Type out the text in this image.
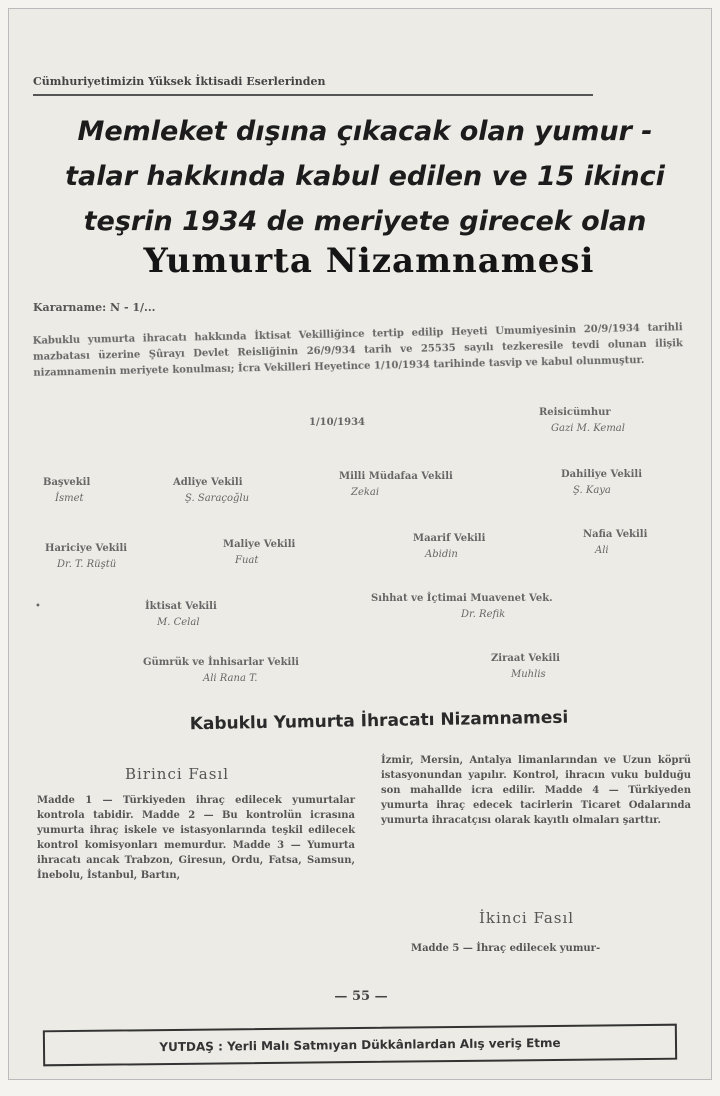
Cümhuriyetimizin Yüksek İktisadi Eserlerinden
Memleket dışına çıkacak olan yumur -
talar hakkında kabul edilen ve 15 ikinci
teşrin 1934 de meriyete girecek olan
Yumurta Nizamnamesi
Kararname: N - 1/...
Kabuklu yumurta ihracatı hakkında İktisat Vekilliğince tertip edilip Heyeti Umumiyesinin 20/9/1934 tarihli mazbatası üzerine Şûrayı Devlet Reisliğinin 26/9/934 tarih ve 25535 sayılı tezkeresile tevdi olunan ilişik nizamnamenin meriyete konulması; İcra Vekilleri Heyetince 1/10/1934 tarihinde tasvip ve kabul olunmuştur.
1/10/1934
Reisicümhur
Gazi M. Kemal
Başvekil
İsmet
Adliye Vekili
Ş. Saraçoğlu
Milli Müdafaa Vekili
Zekai
Dahiliye Vekili
Ş. Kaya
Hariciye Vekili
Dr. T. Rüştü
Maliye Vekili
Fuat
Maarif Vekili
Abidin
Nafia Vekili
Ali
•	İktisat Vekili
M. Celal
Sıhhat ve İçtimai Muavenet Vek.
Dr. Refik
Gümrük ve İnhisarlar Vekili
Ali Rana T.
Ziraat Vekili
Muhlis
Kabuklu Yumurta İhracatı Nizamnamesi
Birinci Fasıl
Madde 1 — Türkiyeden ihraç edilecek yumurtalar kontrola tabidir. Madde 2 — Bu kontrolün icrasına yumurta ihraç iskele ve istasyonlarında teşkil edilecek kontrol komisyonları memurdur. Madde 3 — Yumurta ihracatı ancak Trabzon, Giresun, Ordu, Fatsa, Samsun, İnebolu, İstanbul, Bartın,
İzmir, Mersin, Antalya limanlarından ve Uzun köprü istasyonundan yapılır. Kontrol, ihracın vuku bulduğu son mahallde icra edilir. Madde 4 — Türkiyeden yumurta ihraç edecek tacirlerin Ticaret Odalarında yumurta ihracatçısı olarak kayıtlı olmaları şarttır.
İkinci Fasıl
Madde 5 — İhraç edilecek yumur-
— 55 —
YUTDAŞ : Yerli Malı Satmıyan Dükkânlardan Alış veriş Etme
